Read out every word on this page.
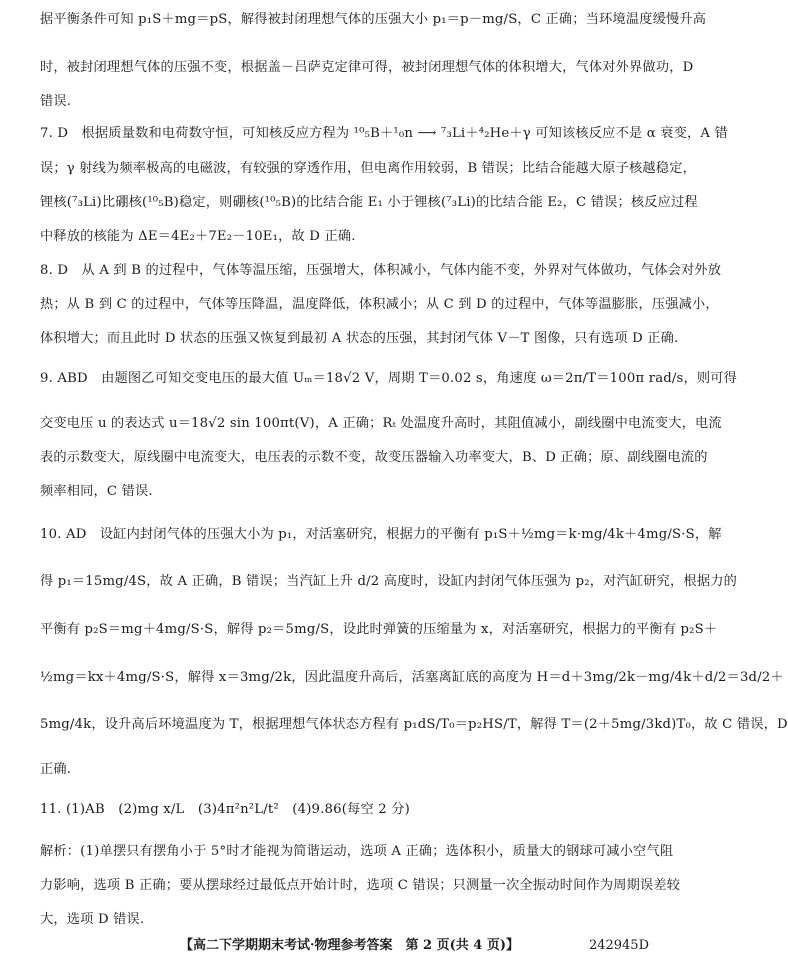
据平衡条件可知 p₁S＋mg＝pS，解得被封闭理想气体的压强大小 p₁＝p－mg/S，C 正确；当环境温度缓慢升高
时，被封闭理想气体的压强不变，根据盖－吕萨克定律可得，被封闭理想气体的体积增大，气体对外界做功，D
错误.
7. D　根据质量数和电荷数守恒，可知核反应方程为 ¹⁰₅B＋¹₀n ⟶ ⁷₃Li＋⁴₂He＋γ 可知该核反应不是 α 衰变，A 错
误；γ 射线为频率极高的电磁波，有较强的穿透作用，但电离作用较弱，B 错误；比结合能越大原子核越稳定，
锂核(⁷₃Li)比硼核(¹⁰₅B)稳定，则硼核(¹⁰₅B)的比结合能 E₁ 小于锂核(⁷₃Li)的比结合能 E₂，C 错误；核反应过程
中释放的核能为 ΔE＝4E₂＋7E₂－10E₁，故 D 正确.
8. D　从 A 到 B 的过程中，气体等温压缩，压强增大，体积减小，气体内能不变，外界对气体做功，气体会对外放
热；从 B 到 C 的过程中，气体等压降温，温度降低，体积减小；从 C 到 D 的过程中，气体等温膨胀，压强减小，
体积增大；而且此时 D 状态的压强又恢复到最初 A 状态的压强，其封闭气体 V－T 图像，只有选项 D 正确.
9. ABD　由题图乙可知交变电压的最大值 Uₘ＝18√2 V，周期 T＝0.02 s，角速度 ω＝2π/T＝100π rad/s，则可得
交变电压 u 的表达式 u＝18√2 sin 100πt(V)，A 正确；Rₜ 处温度升高时，其阻值减小，副线圈中电流变大，电流
表的示数变大，原线圈中电流变大，电压表的示数不变，故变压器输入功率变大，B、D 正确；原、副线圈电流的
频率相同，C 错误.
10. AD　设缸内封闭气体的压强大小为 p₁，对活塞研究，根据力的平衡有 p₁S＋½mg＝k·mg/4k＋4mg/S·S，解
得 p₁＝15mg/4S，故 A 正确，B 错误；当汽缸上升 d/2 高度时，设缸内封闭气体压强为 p₂，对汽缸研究，根据力的
平衡有 p₂S＝mg＋4mg/S·S，解得 p₂＝5mg/S，设此时弹簧的压缩量为 x，对活塞研究，根据力的平衡有 p₂S＋
½mg＝kx＋4mg/S·S，解得 x＝3mg/2k，因此温度升高后，活塞离缸底的高度为 H＝d＋3mg/2k－mg/4k＋d/2＝3d/2＋
5mg/4k，设升高后环境温度为 T，根据理想气体状态方程有 p₁dS/T₀＝p₂HS/T，解得 T＝(2＋5mg/3kd)T₀，故 C 错误，D
正确.
11. (1)AB　(2)mg x/L　(3)4π²n²L/t²　(4)9.86(每空 2 分)
解析：(1)单摆只有摆角小于 5°时才能视为简谐运动，选项 A 正确；选体积小，质量大的钢球可减小空气阻
力影响，选项 B 正确；要从摆球经过最低点开始计时，选项 C 错误；只测量一次全振动时间作为周期误差较
大，选项 D 错误.
【高二下学期期末考试·物理参考答案　第 2 页(共 4 页)】	242945D
